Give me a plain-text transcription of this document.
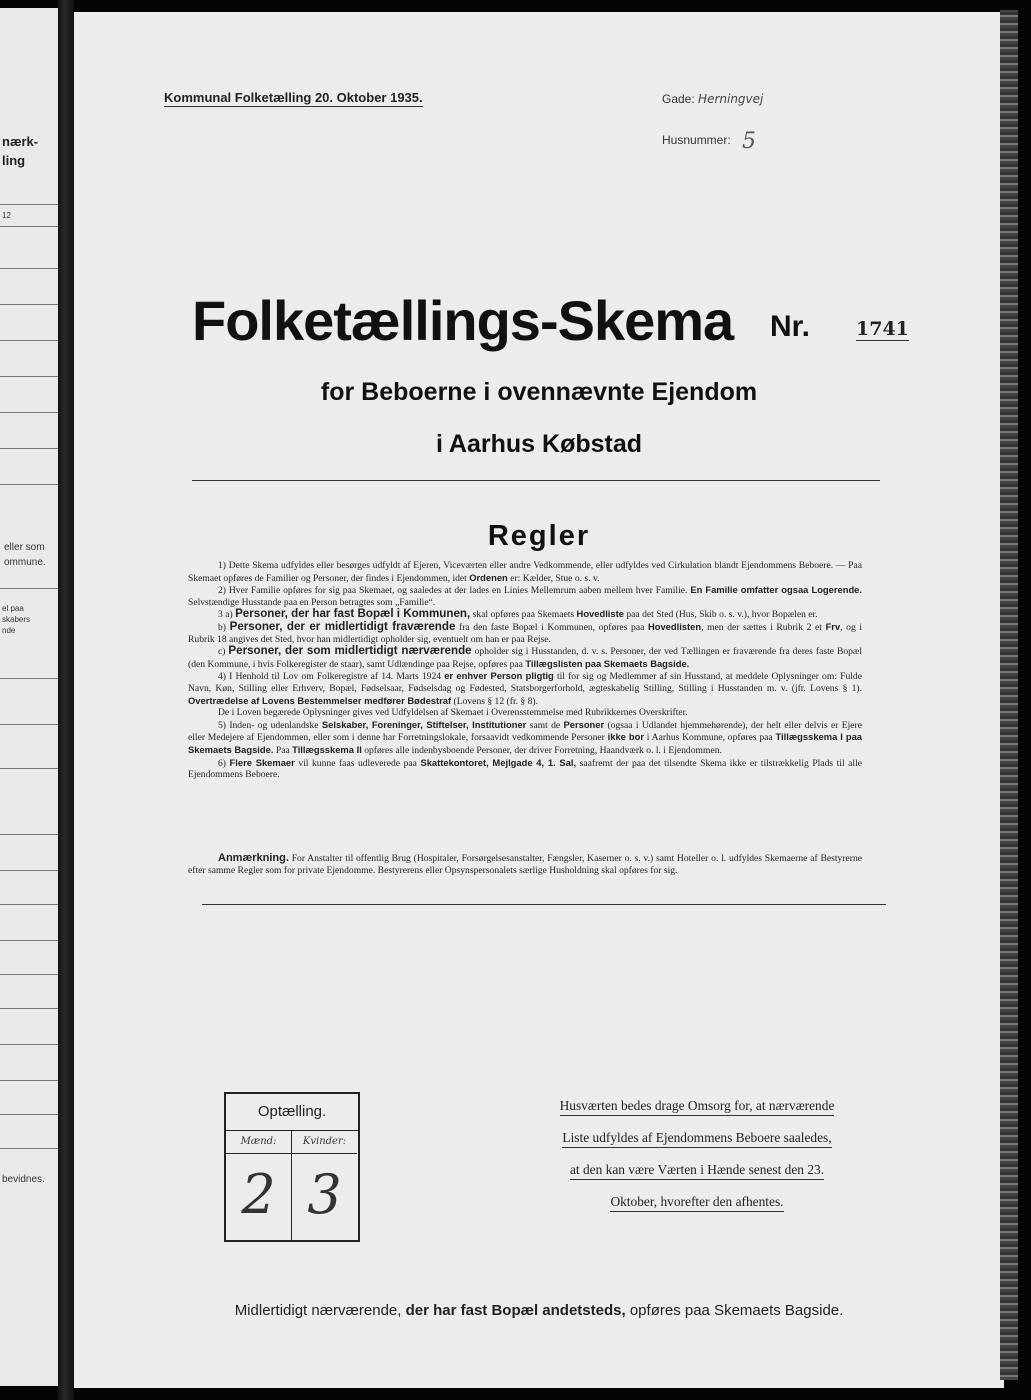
nærk-
ling
12
eller som
ommune.
el paa
skabers
nde
bevidnes.
Kommunal Folketælling 20. Oktober 1935.	Gade: Herningvej
Husnummer: 5
Folketællings-Skema Nr. 1741
for Beboerne i ovennævnte Ejendom
i Aarhus Købstad
Regler

1) Dette Skema udfyldes eller besørges udfyldt af Ejeren, Viceværten eller andre Vedkommende, eller udfyldes ved Cirkulation blandt Ejendommens Beboere. — Paa Skemaet opføres de Familier og Personer, der findes i Ejendommen, idet Ordenen er: Kælder, Stue o. s. v.

2) Hver Familie opføres for sig paa Skemaet, og saaledes at der lades en Linies Mellemrum aaben mellem hver Familie. En Familie omfatter ogsaa Logerende. Selvstændige Husstande paa en Person betragtes som „Familie“.

3 a) Personer, der har fast Bopæl i Kommunen, skal opføres paa Skemaets Hovedliste paa det Sted (Hus, Skib o. s. v.), hvor Bopælen er.

b) Personer, der er midlertidigt fraværende fra den faste Bopæl i Kommunen, opføres paa Hovedlisten, men der sættes i Rubrik 2 et Frv, og i Rubrik 18 angives det Sted, hvor han midlertidigt opholder sig, eventuelt om han er paa Rejse.

c) Personer, der som midlertidigt nærværende opholder sig i Husstanden, d. v. s. Personer, der ved Tællingen er fraværende fra deres faste Bopæl (den Kommune, i hvis Folkeregister de staar), samt Udlændinge paa Rejse, opføres paa Tillægslisten paa Skemaets Bagside.

4) I Henhold til Lov om Folkeregistre af 14. Marts 1924 er enhver Person pligtig til for sig og Medlemmer af sin Husstand, at meddele Oplysninger om: Fulde Navn, Køn, Stilling eller Erhverv, Bopæl, Fødselsaar, Fødselsdag og Fødested, Statsborgerforhold, ægteskabelig Stilling, Stilling i Husstanden m. v. (jfr. Lovens § 1). Overtrædelse af Lovens Bestemmelser medfører Bødestraf (Lovens § 12 (fr. § 8).

De i Loven begærede Oplysninger gives ved Udfyldelsen af Skemaet i Overensstemmelse med Rubrikkernes Overskrifter.

5) Inden- og udenlandske Selskaber, Foreninger, Stiftelser, Institutioner samt de Personer (ogsaa i Udlandet hjemmehørende), der helt eller delvis er Ejere eller Medejere af Ejendommen, eller som i denne har Forretningslokale, forsaavidt vedkommende Personer ikke bor i Aarhus Kommune, opføres paa Tillægsskema I paa Skemaets Bagside. Paa Tillægsskema II opføres alle indenbysboende Personer, der driver Forretning, Haandværk o. l. i Ejendommen.

6) Flere Skemaer vil kunne faas udleverede paa Skattekontoret, Mejlgade 4, 1. Sal, saafremt der paa det tilsendte Skema ikke er tilstrækkelig Plads til alle Ejendommens Beboere.

Anmærkning. For Anstalter til offentlig Brug (Hospitaler, Forsørgelsesanstalter, Fængsler, Kaserner o. s. v.) samt Hoteller o. l. udfyldes Skemaerne af Bestyrerne efter samme Regler som for private Ejendomme. Bestyrerens eller Opsynspersonalets særlige Husholdning skal opføres for sig.

Optælling.
Mænd:
2
Kvinder:
3
Husværten bedes drage Omsorg for, at nærværende
Liste udfyldes af Ejendommens Beboere saaledes,
at den kan være Værten i Hænde senest den 23.
Oktober, hvorefter den afhentes.
Midlertidigt nærværende, der har fast Bopæl andetsteds, opføres paa Skemaets Bagside.
